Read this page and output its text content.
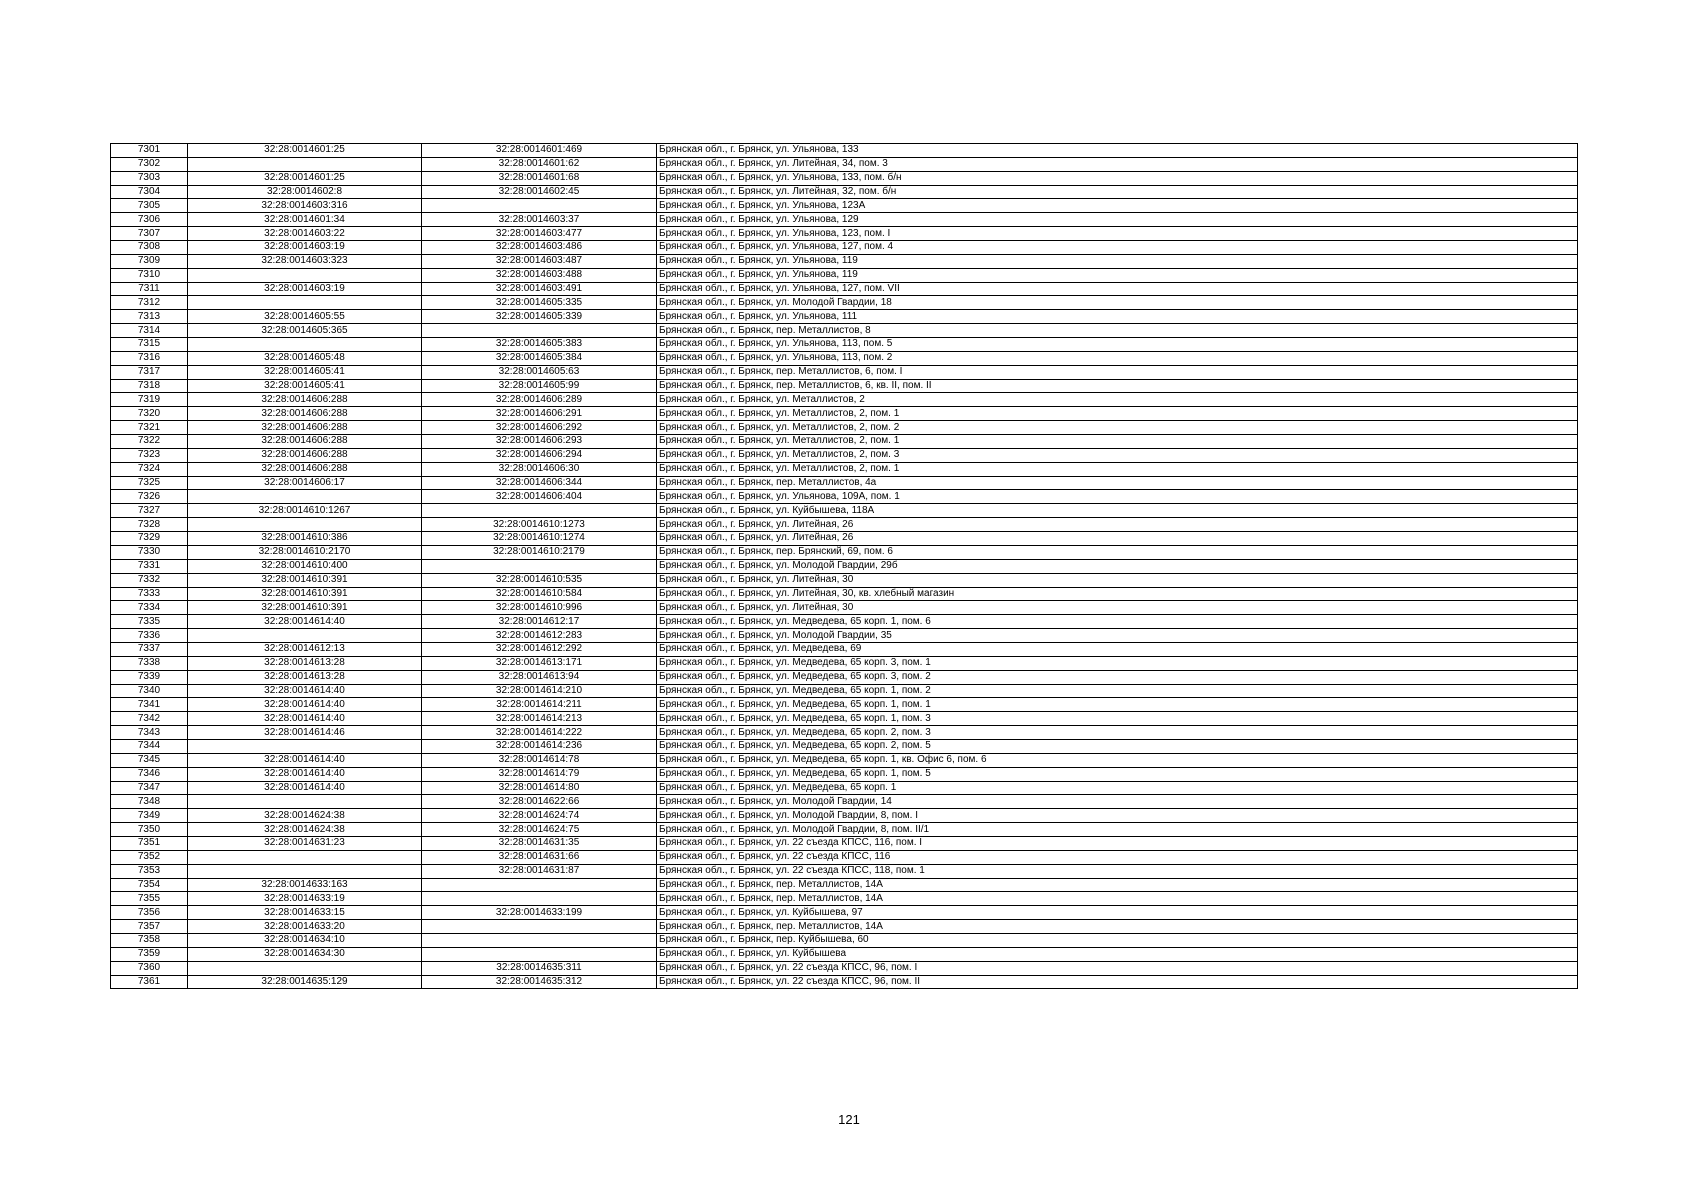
7301	32:28:0014601:25	32:28:0014601:469	Брянская обл., г. Брянск, ул. Ульянова, 133
7302		32:28:0014601:62	Брянская обл., г. Брянск, ул. Литейная, 34, пом. 3
7303	32:28:0014601:25	32:28:0014601:68	Брянская обл., г. Брянск, ул. Ульянова, 133, пом. б/н
7304	32:28:0014602:8	32:28:0014602:45	Брянская обл., г. Брянск, ул. Литейная, 32, пом. б/н
7305	32:28:0014603:316		Брянская обл., г. Брянск, ул. Ульянова, 123А
7306	32:28:0014601:34	32:28:0014603:37	Брянская обл., г. Брянск, ул. Ульянова, 129
7307	32:28:0014603:22	32:28:0014603:477	Брянская обл., г. Брянск, ул. Ульянова, 123, пом. I
7308	32:28:0014603:19	32:28:0014603:486	Брянская обл., г. Брянск, ул. Ульянова, 127, пом. 4
7309	32:28:0014603:323	32:28:0014603:487	Брянская обл., г. Брянск, ул. Ульянова, 119
7310		32:28:0014603:488	Брянская обл., г. Брянск, ул. Ульянова, 119
7311	32:28:0014603:19	32:28:0014603:491	Брянская обл., г. Брянск, ул. Ульянова, 127, пом. VII
7312		32:28:0014605:335	Брянская обл., г. Брянск, ул. Молодой Гвардии, 18
7313	32:28:0014605:55	32:28:0014605:339	Брянская обл., г. Брянск, ул. Ульянова, 111
7314	32:28:0014605:365		Брянская обл., г. Брянск, пер. Металлистов, 8
7315		32:28:0014605:383	Брянская обл., г. Брянск, ул. Ульянова, 113, пом. 5
7316	32:28:0014605:48	32:28:0014605:384	Брянская обл., г. Брянск, ул. Ульянова, 113, пом. 2
7317	32:28:0014605:41	32:28:0014605:63	Брянская обл., г. Брянск, пер. Металлистов, 6, пом. I
7318	32:28:0014605:41	32:28:0014605:99	Брянская обл., г. Брянск, пер. Металлистов, 6, кв. II, пом. II
7319	32:28:0014606:288	32:28:0014606:289	Брянская обл., г. Брянск, ул. Металлистов, 2
7320	32:28:0014606:288	32:28:0014606:291	Брянская обл., г. Брянск, ул. Металлистов, 2, пом. 1
7321	32:28:0014606:288	32:28:0014606:292	Брянская обл., г. Брянск, ул. Металлистов, 2, пом. 2
7322	32:28:0014606:288	32:28:0014606:293	Брянская обл., г. Брянск, ул. Металлистов, 2, пом. 1
7323	32:28:0014606:288	32:28:0014606:294	Брянская обл., г. Брянск, ул. Металлистов, 2, пом. 3
7324	32:28:0014606:288	32:28:0014606:30	Брянская обл., г. Брянск, ул. Металлистов, 2, пом. 1
7325	32:28:0014606:17	32:28:0014606:344	Брянская обл., г. Брянск, пер. Металлистов, 4а
7326		32:28:0014606:404	Брянская обл., г. Брянск, ул. Ульянова, 109А, пом. 1
7327	32:28:0014610:1267		Брянская обл., г. Брянск, ул. Куйбышева, 118А
7328		32:28:0014610:1273	Брянская обл., г. Брянск, ул. Литейная, 26
7329	32:28:0014610:386	32:28:0014610:1274	Брянская обл., г. Брянск, ул. Литейная, 26
7330	32:28:0014610:2170	32:28:0014610:2179	Брянская обл., г. Брянск, пер. Брянский, 69, пом. 6
7331	32:28:0014610:400		Брянская обл., г. Брянск, ул. Молодой Гвардии, 29б
7332	32:28:0014610:391	32:28:0014610:535	Брянская обл., г. Брянск, ул. Литейная, 30
7333	32:28:0014610:391	32:28:0014610:584	Брянская обл., г. Брянск, ул. Литейная, 30, кв. хлебный магазин
7334	32:28:0014610:391	32:28:0014610:996	Брянская обл., г. Брянск, ул. Литейная, 30
7335	32:28:0014614:40	32:28:0014612:17	Брянская обл., г. Брянск, ул. Медведева, 65 корп. 1, пом. 6
7336		32:28:0014612:283	Брянская обл., г. Брянск, ул. Молодой Гвардии, 35
7337	32:28:0014612:13	32:28:0014612:292	Брянская обл., г. Брянск, ул. Медведева, 69
7338	32:28:0014613:28	32:28:0014613:171	Брянская обл., г. Брянск, ул. Медведева, 65 корп. 3, пом. 1
7339	32:28:0014613:28	32:28:0014613:94	Брянская обл., г. Брянск, ул. Медведева, 65 корп. 3, пом. 2
7340	32:28:0014614:40	32:28:0014614:210	Брянская обл., г. Брянск, ул. Медведева, 65 корп. 1, пом. 2
7341	32:28:0014614:40	32:28:0014614:211	Брянская обл., г. Брянск, ул. Медведева, 65 корп. 1, пом. 1
7342	32:28:0014614:40	32:28:0014614:213	Брянская обл., г. Брянск, ул. Медведева, 65 корп. 1, пом. 3
7343	32:28:0014614:46	32:28:0014614:222	Брянская обл., г. Брянск, ул. Медведева, 65 корп. 2, пом. 3
7344		32:28:0014614:236	Брянская обл., г. Брянск, ул. Медведева, 65 корп. 2, пом. 5
7345	32:28:0014614:40	32:28:0014614:78	Брянская обл., г. Брянск, ул. Медведева, 65 корп. 1, кв. Офис 6, пом. 6
7346	32:28:0014614:40	32:28:0014614:79	Брянская обл., г. Брянск, ул. Медведева, 65 корп. 1, пом. 5
7347	32:28:0014614:40	32:28:0014614:80	Брянская обл., г. Брянск, ул. Медведева, 65 корп. 1
7348		32:28:0014622:66	Брянская обл., г. Брянск, ул. Молодой Гвардии, 14
7349	32:28:0014624:38	32:28:0014624:74	Брянская обл., г. Брянск, ул. Молодой Гвардии, 8, пом. I
7350	32:28:0014624:38	32:28:0014624:75	Брянская обл., г. Брянск, ул. Молодой Гвардии, 8, пом. II/1
7351	32:28:0014631:23	32:28:0014631:35	Брянская обл., г. Брянск, ул. 22 съезда КПСС, 116, пом. I
7352		32:28:0014631:66	Брянская обл., г. Брянск, ул. 22 съезда КПСС, 116
7353		32:28:0014631:87	Брянская обл., г. Брянск, ул. 22 съезда КПСС, 118, пом. 1
7354	32:28:0014633:163		Брянская обл., г. Брянск, пер. Металлистов, 14А
7355	32:28:0014633:19		Брянская обл., г. Брянск, пер. Металлистов, 14А
7356	32:28:0014633:15	32:28:0014633:199	Брянская обл., г. Брянск, ул. Куйбышева, 97
7357	32:28:0014633:20		Брянская обл., г. Брянск, пер. Металлистов, 14А
7358	32:28:0014634:10		Брянская обл., г. Брянск, пер. Куйбышева, 60
7359	32:28:0014634:30		Брянская обл., г. Брянск, ул. Куйбышева
7360		32:28:0014635:311	Брянская обл., г. Брянск, ул. 22 съезда КПСС, 96, пом. I
7361	32:28:0014635:129	32:28:0014635:312	Брянская обл., г. Брянск, ул. 22 съезда КПСС, 96, пом. II
121
